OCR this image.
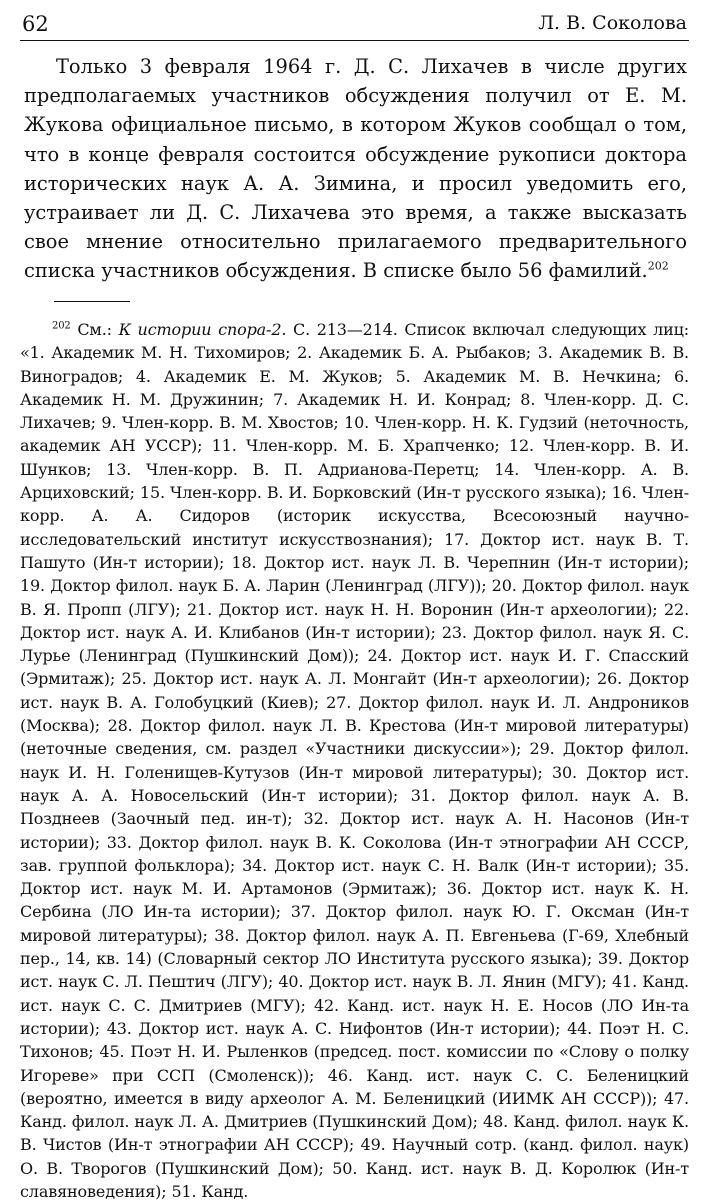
62	Л. В. Соколова

Только 3 февраля 1964 г. Д. С. Лихачев в числе других предполагаемых участников обсуждения получил от Е. М. Жукова официальное письмо, в котором Жуков сообщал о том, что в конце февраля состоится обсуждение рукописи доктора исторических наук А. А. Зимина, и просил уведомить его, устраивает ли Д. С. Лихачева это время, а также высказать свое мнение относительно прилагаемого предварительного списка участников обсуждения. В списке было 56 фамилий.$^{202}$

$^{202}$ См.: К истории спора-2. С. 213—214. Список включал следующих лиц: «1. Академик М. Н. Тихомиров; 2. Академик Б. А. Рыбаков; 3. Академик В. В. Виноградов; 4. Академик Е. М. Жуков; 5. Академик М. В. Нечкина; 6. Академик Н. М. Дружинин; 7. Академик Н. И. Конрад; 8. Член-корр. Д. С. Лихачев; 9. Член-корр. В. М. Хвостов; 10. Член-корр. Н. К. Гудзий (неточность, академик АН УССР); 11. Член-корр. М. Б. Храпченко; 12. Член-корр. В. И. Шунков; 13. Член-корр. В. П. Адрианова-Перетц; 14. Член-корр. А. В. Арциховский; 15. Член-корр. В. И. Борковский (Ин-т русского языка); 16. Член-корр. А. А. Сидоров (историк искусства, Всесоюзный научно-исследовательский институт искусствознания); 17. Доктор ист. наук В. Т. Пашуто (Ин-т истории); 18. Доктор ист. наук Л. В. Черепнин (Ин-т истории); 19. Доктор филол. наук Б. А. Ларин (Ленинград (ЛГУ)); 20. Доктор филол. наук В. Я. Пропп (ЛГУ); 21. Доктор ист. наук Н. Н. Воронин (Ин-т археологии); 22. Доктор ист. наук А. И. Клибанов (Ин-т истории); 23. Доктор филол. наук Я. С. Лурье (Ленинград (Пушкинский Дом)); 24. Доктор ист. наук И. Г. Спасский (Эрмитаж); 25. Доктор ист. наук А. Л. Монгайт (Ин-т археологии); 26. Доктор ист. наук В. А. Голобуцкий (Киев); 27. Доктор филол. наук И. Л. Андроников (Москва); 28. Доктор филол. наук Л. В. Крестова (Ин-т мировой литературы) (неточные сведения, см. раздел «Участники дискуссии»); 29. Доктор филол. наук И. Н. Голенищев-Кутузов (Ин-т мировой литературы); 30. Доктор ист. наук А. А. Новосельский (Ин-т истории); 31. Доктор филол. наук А. В. Позднеев (Заочный пед. ин-т); 32. Доктор ист. наук А. Н. Насонов (Ин-т истории); 33. Доктор филол. наук В. К. Соколова (Ин-т этнографии АН СССР, зав. группой фольклора); 34. Доктор ист. наук С. Н. Валк (Ин-т истории); 35. Доктор ист. наук М. И. Артамонов (Эрмитаж); 36. Доктор ист. наук К. Н. Сербина (ЛО Ин-та истории); 37. Доктор филол. наук Ю. Г. Оксман (Ин-т мировой литературы); 38. Доктор филол. наук А. П. Евгеньева (Г-69, Хлебный пер., 14, кв. 14) (Словарный сектор ЛО Института русского языка); 39. Доктор ист. наук С. Л. Пештич (ЛГУ); 40. Доктор ист. наук В. Л. Янин (МГУ); 41. Канд. ист. наук С. С. Дмитриев (МГУ); 42. Канд. ист. наук Н. Е. Носов (ЛО Ин-та истории); 43. Доктор ист. наук А. С. Нифонтов (Ин-т истории); 44. Поэт Н. С. Тихонов; 45. Поэт Н. И. Рыленков (председ. пост. комиссии по «Слову о полку Игореве» при ССП (Смоленск)); 46. Канд. ист. наук С. С. Беленицкий (вероятно, имеется в виду археолог А. М. Беленицкий (ИИМК АН СССР)); 47. Канд. филол. наук Л. А. Дмитриев (Пушкинский Дом); 48. Канд. филол. наук К. В. Чистов (Ин-т этнографии АН СССР); 49. Научный сотр. (канд. филол. наук) О. В. Творогов (Пушкинский Дом); 50. Канд. ист. наук В. Д. Королюк (Ин-т славяноведения); 51. Канд.
